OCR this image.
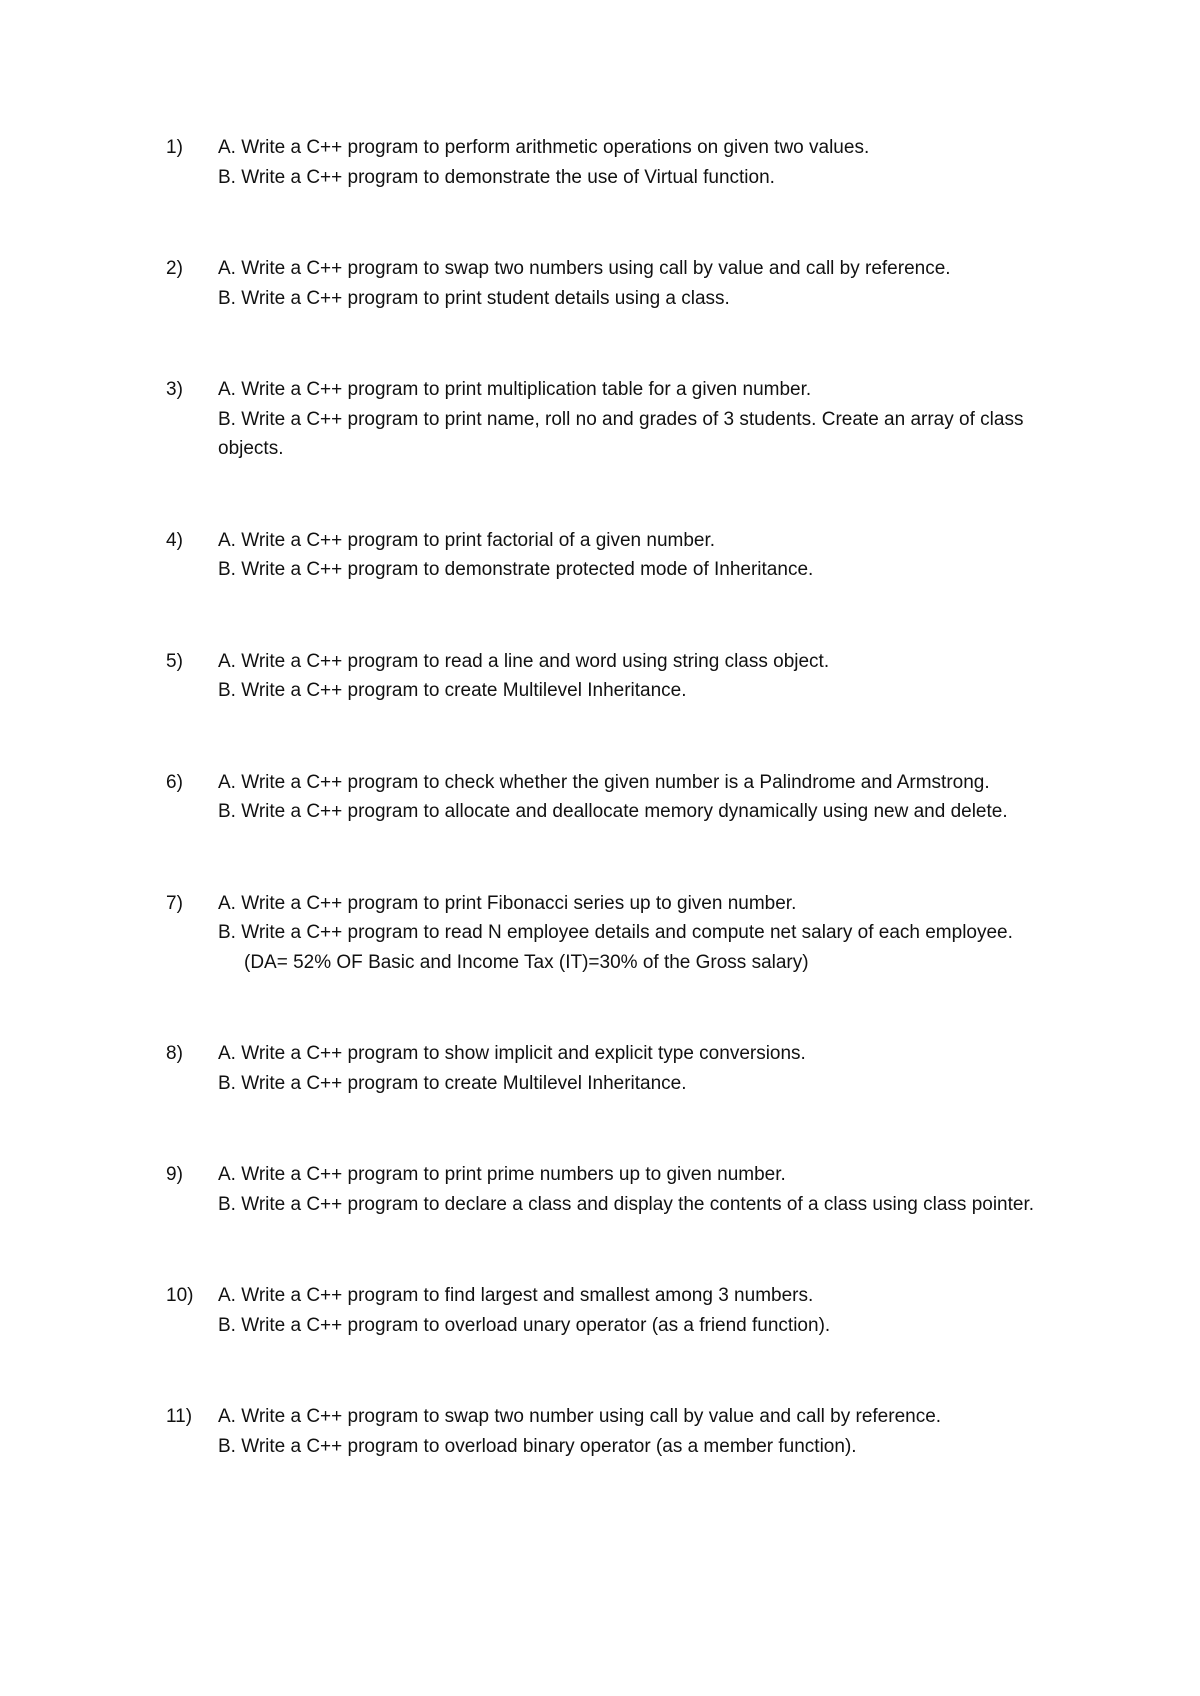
1)	A. Write a C++ program to perform arithmetic operations on given two values.
B. Write a C++ program to demonstrate the use of Virtual function.
2)	A. Write a C++ program to swap two numbers using call by value and call by reference.
B. Write a C++ program to print student details using a class.
3)	A. Write a C++ program to print multiplication table for a given number.
B. Write a C++ program to print name, roll no and grades of 3 students. Create an array of class objects.
4)	A. Write a C++ program to print factorial of a given number.
B. Write a C++ program to demonstrate protected mode of Inheritance.
5)	A. Write a C++ program to read a line and word using string class object.
B. Write a C++ program to create Multilevel Inheritance.
6)	A. Write a C++ program to check whether the given number is a Palindrome and Armstrong.
B. Write a C++ program to allocate and deallocate memory dynamically using new and delete.
7)	A. Write a C++ program to print Fibonacci series up to given number.
B. Write a C++ program to read N employee details and compute net salary of each employee.
(DA= 52% OF Basic and Income Tax (IT)=30% of the Gross salary)
8)	A. Write a C++ program to show implicit and explicit type conversions.
B. Write a C++ program to create Multilevel Inheritance.
9)	A. Write a C++ program to print prime numbers up to given number.
B. Write a C++ program to declare a class and display the contents of a class using class pointer.
10)	A. Write a C++ program to find largest and smallest among 3 numbers.
B. Write a C++ program to overload unary operator (as a friend function).
11)	A. Write a C++ program to swap two number using call by value and call by reference.
B. Write a C++ program to overload binary operator (as a member function).
